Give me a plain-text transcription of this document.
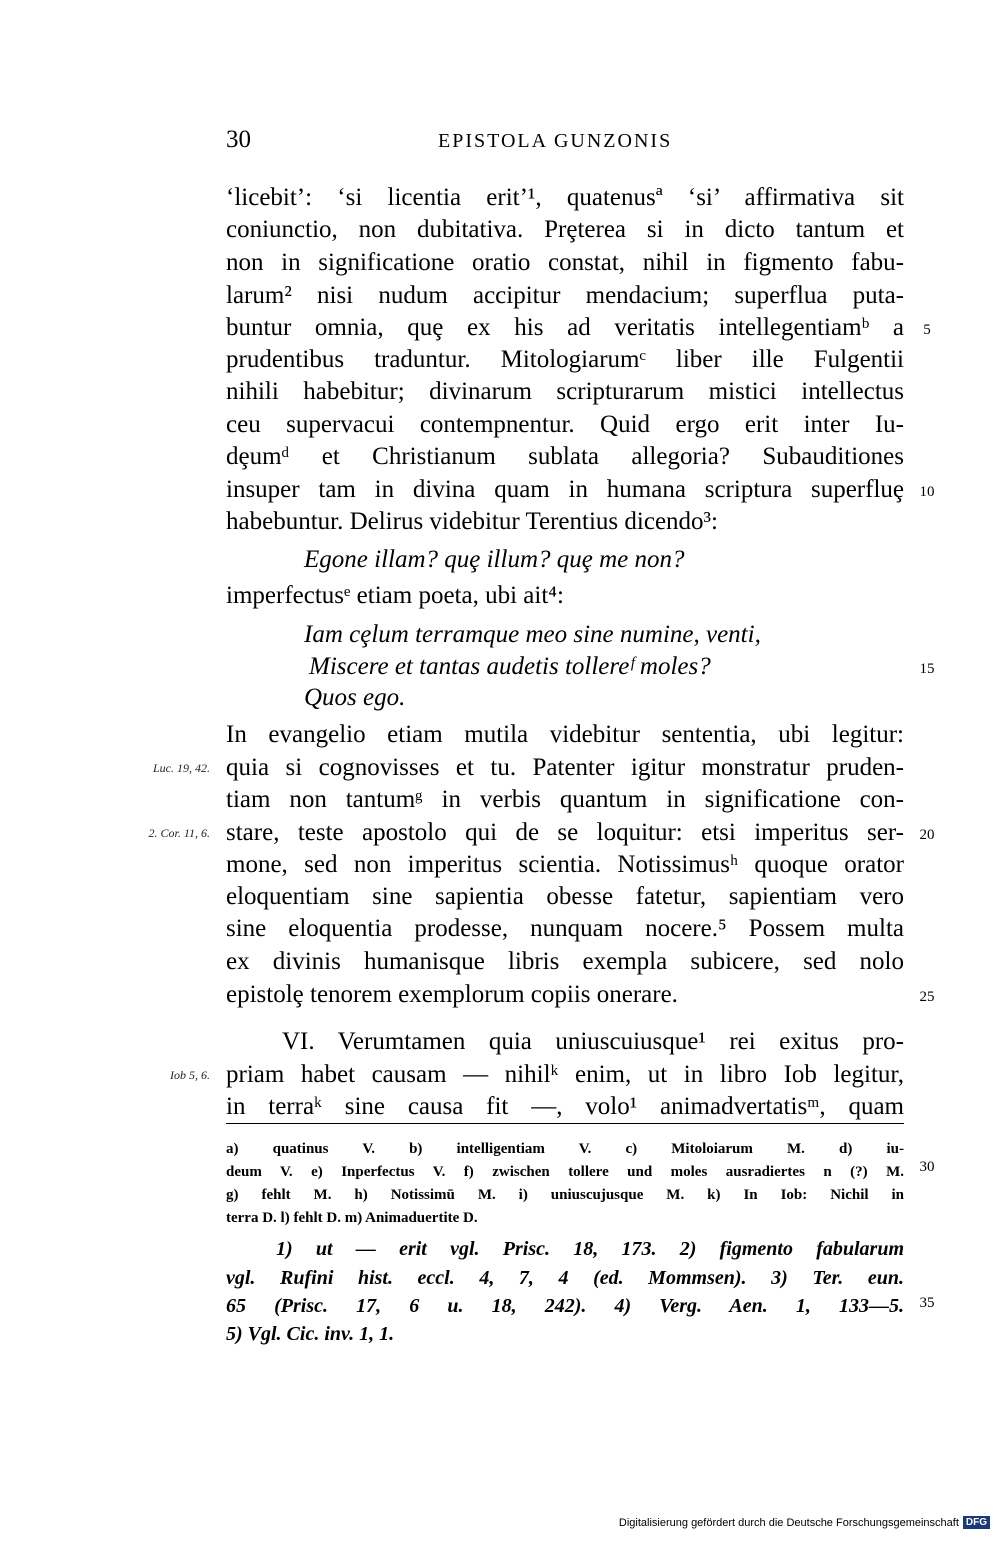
30	EPISTOLA GUNZONIS
‘licebit’: ‘si licentia erit’¹, quatenusª ‘si’ affirmativa sit
coniunctio, non dubitativa. Prȩterea si in dicto tantum et
non in significatione oratio constat, nihil in figmento fabu-
larum² nisi nudum accipitur mendacium; superflua puta-
buntur omnia, quȩ ex his ad veritatis intellegentiamᵇ a
prudentibus traduntur. Mitologiarumᶜ liber ille Fulgentii
nihili habebitur; divinarum scripturarum mistici intellectus
ceu supervacui contempnentur. Quid ergo erit inter Iu-
dȩumᵈ et Christianum sublata allegoria? Subauditiones
insuper tam in divina quam in humana scriptura superfluȩ
habebuntur. Delirus videbitur Terentius dicendo³:
Egone illam? quȩ illum? quȩ me non?
imperfectusᵉ etiam poeta, ubi ait⁴:
Iam cȩlum terramque meo sine numine, venti,
Miscere et tantas audetis tollereᶠ moles?
Quos ego.
In evangelio etiam mutila videbitur sententia, ubi legitur:
quia si cognovisses et tu. Patenter igitur monstratur pruden-
tiam non tantumᵍ in verbis quantum in significatione con-
stare, teste apostolo qui de se loquitur: etsi imperitus ser-
mone, sed non imperitus scientia. Notissimusʰ quoque orator
eloquentiam sine sapientia obesse fatetur, sapientiam vero
sine eloquentia prodesse, nunquam nocere.⁵ Possem multa
ex divinis humanisque libris exempla subicere, sed nolo
epistolȩ tenorem exemplorum copiis onerare.
VI. Verumtamen quia uniuscuiusque¹ rei exitus pro-
priam habet causam — nihilᵏ enim, ut in libro Iob legitur,
in terraᵏ sine causa fit —, volo¹ animadvertatisᵐ, quam
5
10
15
20
25
30
35
Luc. 19, 42.
2. Cor. 11, 6.
Iob 5, 6.
a) quatinus V. b) intelligentiam V. c) Mitoloiarum M. d) iu-
deum V. e) Inperfectus V. f) zwischen tollere und moles ausradiertes n (?) M.
g) fehlt M. h) Notissimū M. i) uniuscujusque M. k) In Iob: Nichil in
terra D. l) fehlt D. m) Animaduertite D.
1) ut — erit vgl. Prisc. 18, 173. 2) figmento fabularum
vgl. Rufini hist. eccl. 4, 7, 4 (ed. Mommsen). 3) Ter. eun.
65 (Prisc. 17, 6 u. 18, 242). 4) Verg. Aen. 1, 133—5.
5) Vgl. Cic. inv. 1, 1.
Digitalisierung gefördert durch die Deutsche Forschungsgemeinschaft DFG
